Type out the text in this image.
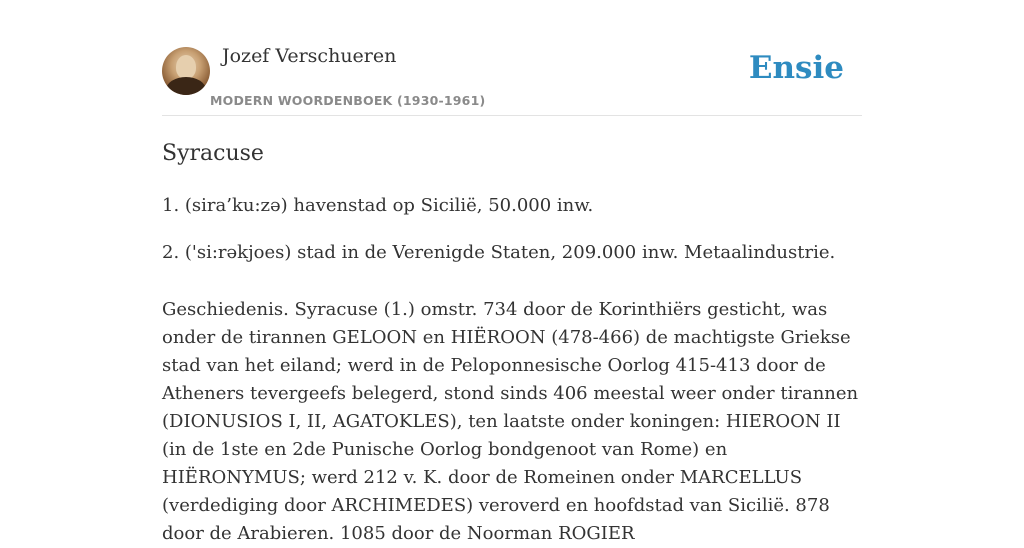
Jozef Verschueren
MODERN WOORDENBOEK (1930-1961)
Ensie
Syracuse
1. (sira’ku:zə) havenstad op Sicilië, 50.000 inw.
2. ('si:rəkjoes) stad in de Verenigde Staten, 209.000 inw. Metaalindustrie.
Geschiedenis. Syracuse (1.) omstr. 734 door de Korinthiërs gesticht, was onder de tirannen GELOON en HIËROON (478-466) de machtigste Griekse stad van het eiland; werd in de Peloponnesische Oorlog 415-413 door de Atheners tevergeefs belegerd, stond sinds 406 meestal weer onder tirannen (DIONUSIOS I, II, AGATOKLES), ten laatste onder koningen: HIEROON II (in de 1ste en 2de Punische Oorlog bondgenoot van Rome) en HIËRONYMUS; werd 212 v. K. door de Romeinen onder MARCELLUS (verdediging door ARCHIMEDES) veroverd en hoofdstad van Sicilië. 878 door de Arabieren. 1085 door de Noorman ROGIER
